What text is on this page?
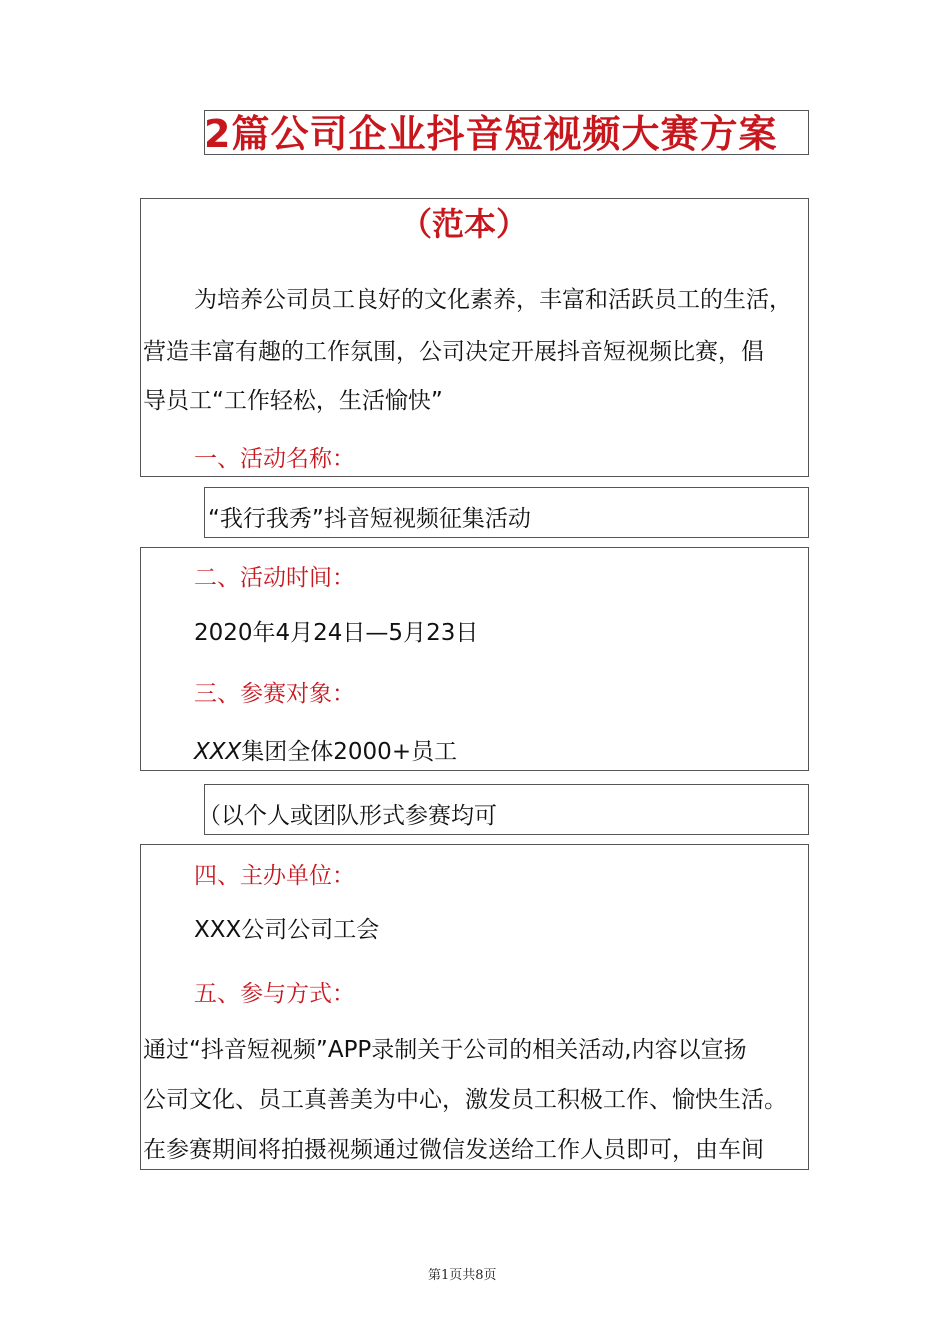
2篇公司企业抖音短视频大赛方案
（范本）
为培养公司员工良好的文化素养，丰富和活跃员工的生活，
营造丰富有趣的工作氛围，公司决定开展抖音短视频比赛，倡
导员工“工作轻松，生活愉快”
一、活动名称：
“我行我秀”抖音短视频征集活动
二、活动时间：
2020年4月24日—5月23日
三、参赛对象：
XXX集团全体2000+员工
（以个人或团队形式参赛均可
四、主办单位：
XXX公司公司工会
五、参与方式：
通过“抖音短视频”APP录制关于公司的相关活动,内容以宣扬
公司文化、员工真善美为中心，激发员工积极工作、愉快生活。
在参赛期间将拍摄视频通过微信发送给工作人员即可，由车间
第1页共8页
